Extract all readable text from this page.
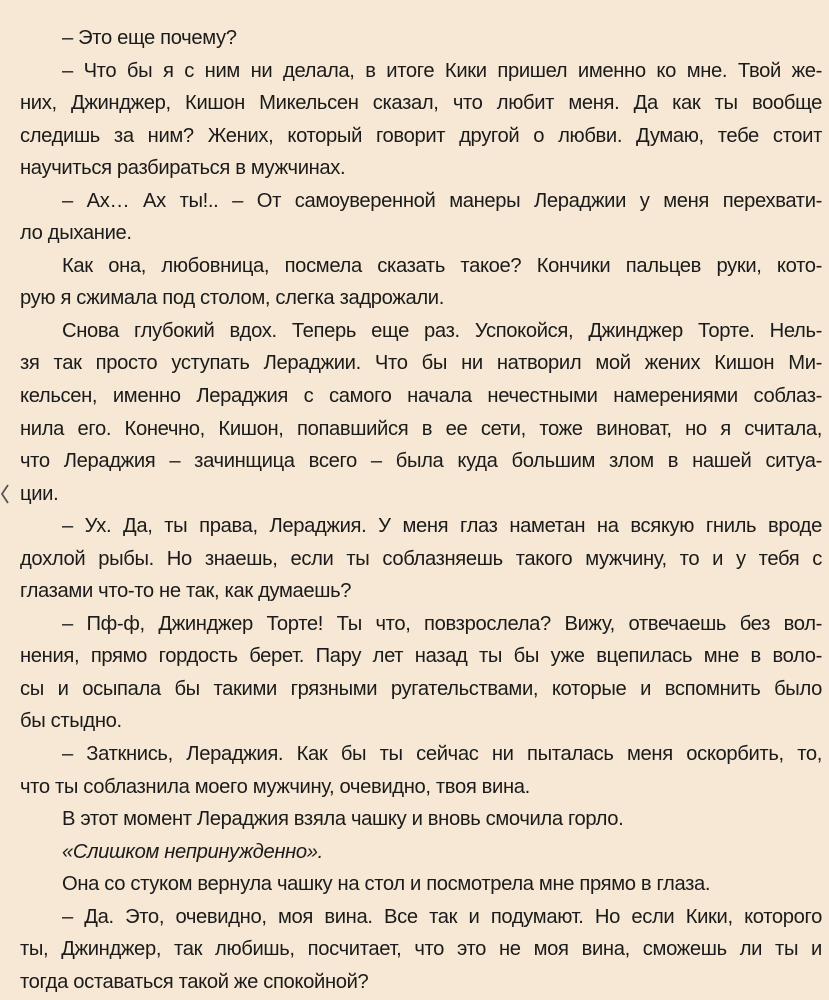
– Это еще почему?
– Что бы я с ним ни делала, в итоге Кики пришел именно ко мне. Твой же-
них, Джинджер, Кишон Микельсен сказал, что любит меня. Да как ты вообще
следишь за ним? Жених, который говорит другой о любви. Думаю, тебе стоит
научиться разбираться в мужчинах.
– Ах… Ах ты!.. – От самоуверенной манеры Лераджии у меня перехвати-
ло дыхание.
Как она, любовница, посмела сказать такое? Кончики пальцев руки, кото-
рую я сжимала под столом, слегка задрожали.
Снова глубокий вдох. Теперь еще раз. Успокойся, Джинджер Торте. Нель-
зя так просто уступать Лераджии. Что бы ни натворил мой жених Кишон Ми-
кельсен, именно Лераджия с самого начала нечестными намерениями соблаз-
нила его. Конечно, Кишон, попавшийся в ее сети, тоже виноват, но я считала,
что Лераджия – зачинщица всего – была куда большим злом в нашей ситуа-
ции.
– Ух. Да, ты права, Лераджия. У меня глаз наметан на всякую гниль вроде
дохлой рыбы. Но знаешь, если ты соблазняешь такого мужчину, то и у тебя с
глазами что-то не так, как думаешь?
– Пф-ф, Джинджер Торте! Ты что, повзрослела? Вижу, отвечаешь без вол-
нения, прямо гордость берет. Пару лет назад ты бы уже вцепилась мне в воло-
сы и осыпала бы такими грязными ругательствами, которые и вспомнить было
бы стыдно.
– Заткнись, Лераджия. Как бы ты сейчас ни пыталась меня оскорбить, то,
что ты соблазнила моего мужчину, очевидно, твоя вина.
В этот момент Лераджия взяла чашку и вновь смочила горло.
«Слишком непринужденно».
Она со стуком вернула чашку на стол и посмотрела мне прямо в глаза.
– Да. Это, очевидно, моя вина. Все так и подумают. Но если Кики, которого
ты, Джинджер, так любишь, посчитает, что это не моя вина, сможешь ли ты и
тогда оставаться такой же спокойной?
